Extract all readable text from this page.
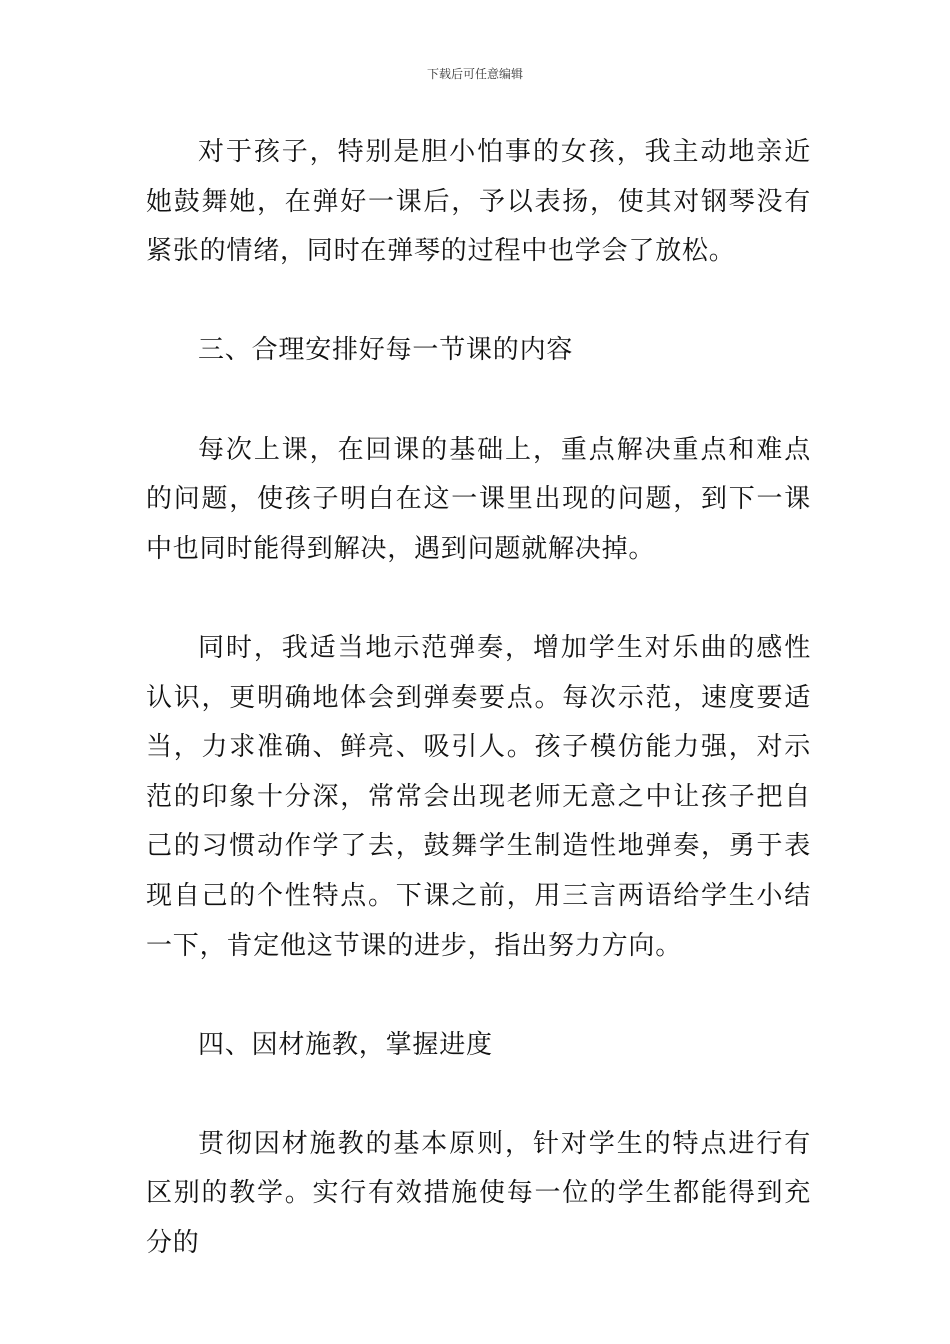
下载后可任意编辑

对于孩子，特别是胆小怕事的女孩，我主动地亲近她鼓舞她，在弹好一课后，予以表扬，使其对钢琴没有紧张的情绪，同时在弹琴的过程中也学会了放松。

三、合理安排好每一节课的内容

每次上课，在回课的基础上，重点解决重点和难点的问题，使孩子明白在这一课里出现的问题，到下一课中也同时能得到解决，遇到问题就解决掉。

同时，我适当地示范弹奏，增加学生对乐曲的感性认识，更明确地体会到弹奏要点。每次示范，速度要适当，力求准确、鲜亮、吸引人。孩子模仿能力强，对示范的印象十分深，常常会出现老师无意之中让孩子把自己的习惯动作学了去，鼓舞学生制造性地弹奏，勇于表现自己的个性特点。下课之前，用三言两语给学生小结一下，肯定他这节课的进步，指出努力方向。

四、因材施教，掌握进度

贯彻因材施教的基本原则，针对学生的特点进行有区别的教学。实行有效措施使每一位的学生都能得到充分的
